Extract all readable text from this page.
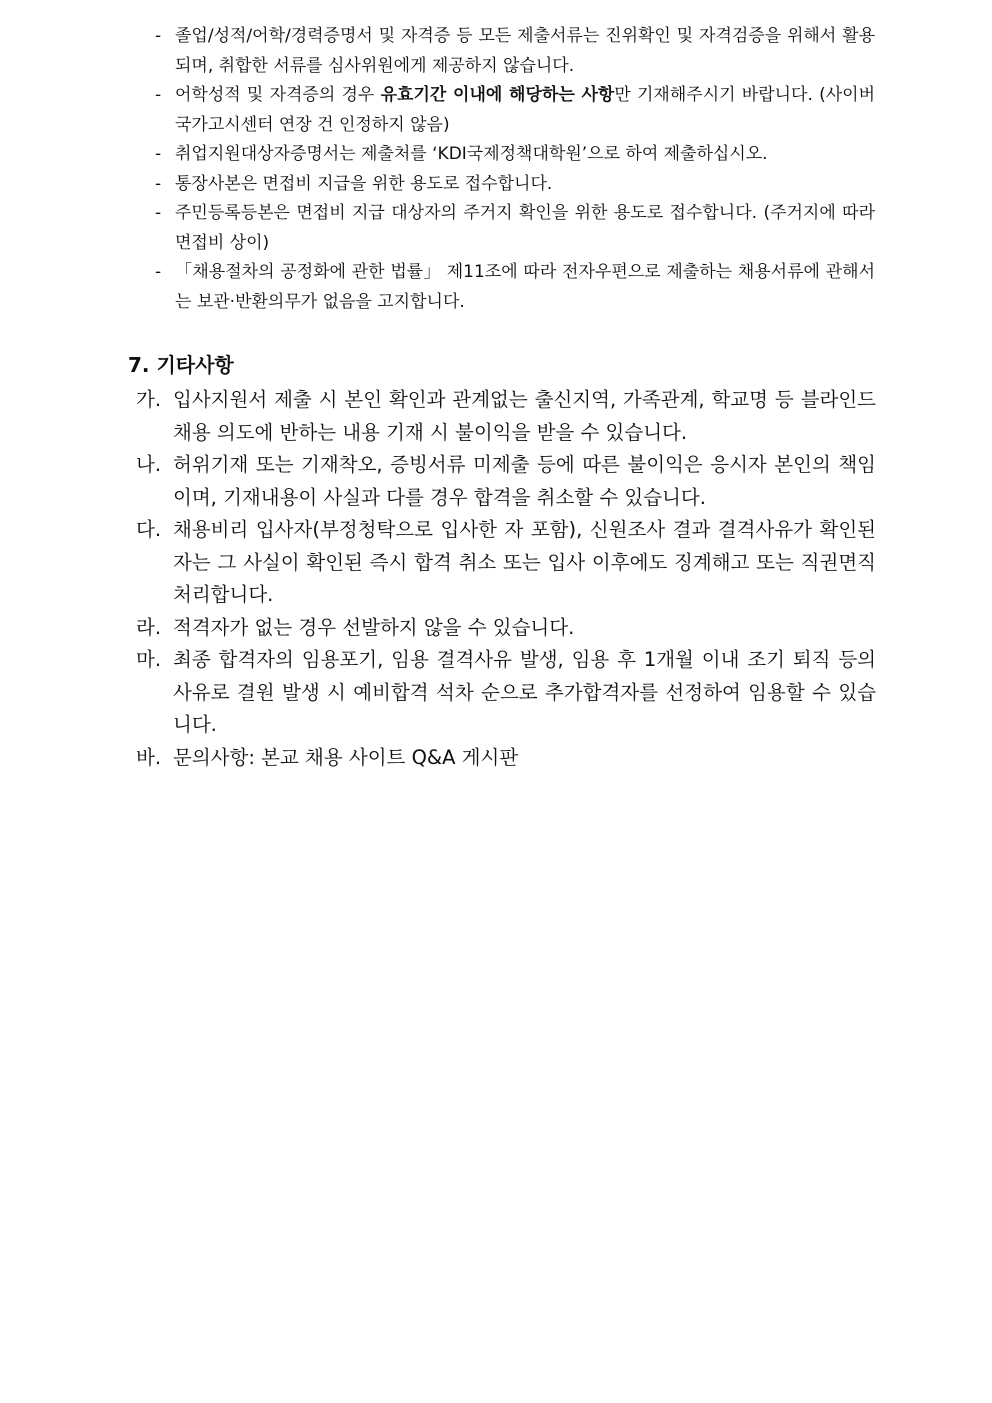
- 졸업/성적/어학/경력증명서 및 자격증 등 모든 제출서류는 진위확인 및 자격검증을 위해서 활용되며, 취합한 서류를 심사위원에게 제공하지 않습니다.
- 어학성적 및 자격증의 경우 유효기간 이내에 해당하는 사항만 기재해주시기 바랍니다. (사이버국가고시센터 연장 건 인정하지 않음)
- 취업지원대상자증명서는 제출처를 ‘KDI국제정책대학원’으로 하여 제출하십시오.
- 통장사본은 면접비 지급을 위한 용도로 접수합니다.
- 주민등록등본은 면접비 지급 대상자의 주거지 확인을 위한 용도로 접수합니다. (주거지에 따라 면접비 상이)
- 「채용절차의 공정화에 관한 법률」 제11조에 따라 전자우편으로 제출하는 채용서류에 관해서는 보관·반환의무가 없음을 고지합니다.
7. 기타사항
가. 입사지원서 제출 시 본인 확인과 관계없는 출신지역, 가족관계, 학교명 등 블라인드 채용 의도에 반하는 내용 기재 시 불이익을 받을 수 있습니다.
나. 허위기재 또는 기재착오, 증빙서류 미제출 등에 따른 불이익은 응시자 본인의 책임이며, 기재내용이 사실과 다를 경우 합격을 취소할 수 있습니다.
다. 채용비리 입사자(부정청탁으로 입사한 자 포함), 신원조사 결과 결격사유가 확인된 자는 그 사실이 확인된 즉시 합격 취소 또는 입사 이후에도 징계해고 또는 직권면직 처리합니다.
라. 적격자가 없는 경우 선발하지 않을 수 있습니다.
마. 최종 합격자의 임용포기, 임용 결격사유 발생, 임용 후 1개월 이내 조기 퇴직 등의 사유로 결원 발생 시 예비합격 석차 순으로 추가합격자를 선정하여 임용할 수 있습니다.
바. 문의사항: 본교 채용 사이트 Q&A 게시판
